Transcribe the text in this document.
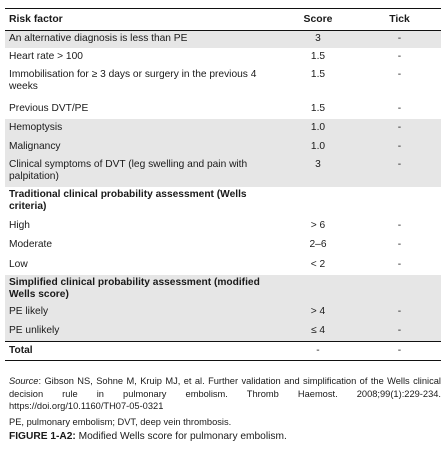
Risk factor	Score	Tick
An alternative diagnosis is less than PE	3	-
Heart rate > 100	1.5	-
Immobilisation for ≥ 3 days or surgery in the previous 4 weeks	1.5	-
Previous DVT/PE	1.5	-
Hemoptysis	1.0	-
Malignancy	1.0	-
Clinical symptoms of DVT (leg swelling and pain with palpitation)	3	-
Traditional clinical probability assessment (Wells criteria)		
High	> 6	-
Moderate	2–6	-
Low	< 2	-
Simplified clinical probability assessment (modified Wells score)		
PE likely	> 4	-
PE unlikely	≤ 4	-
Total	-	-

Source: Gibson NS, Sohne M, Kruip MJ, et al. Further validation and simplification of the Wells clinical decision rule in pulmonary embolism. Thromb Haemost. 2008;99(1):229-234. https://doi.org/10.1160/TH07-05-0321

PE, pulmonary embolism; DVT, deep vein thrombosis.

FIGURE 1-A2: Modified Wells score for pulmonary embolism.
